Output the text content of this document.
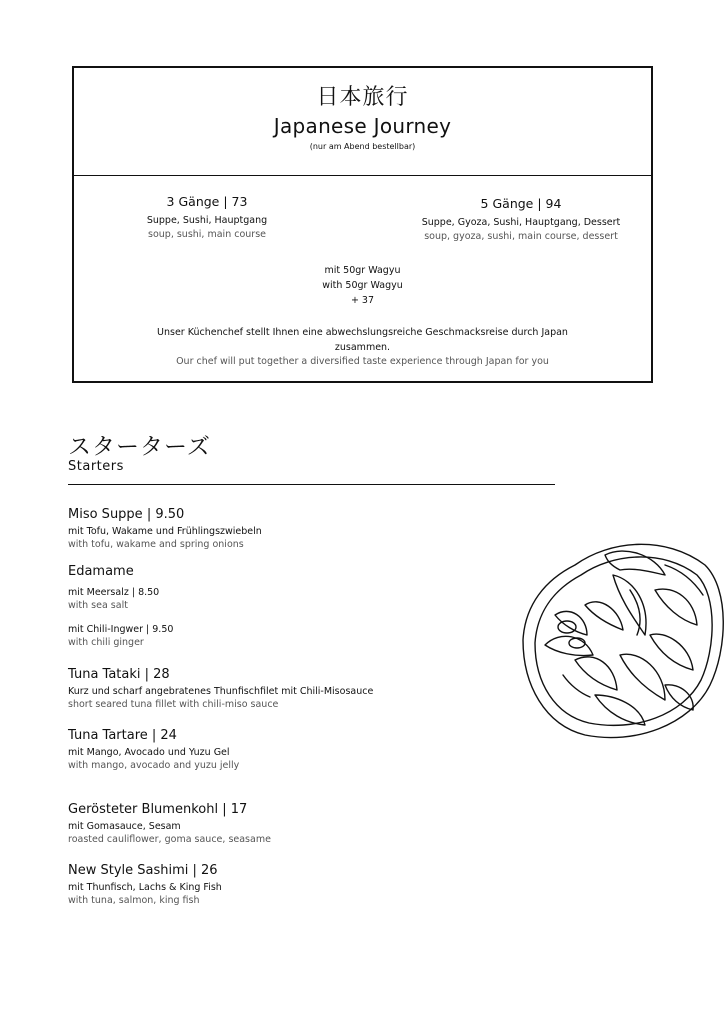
日本旅行
Japanese Journey
(nur am Abend bestellbar)
3 Gänge | 73
Suppe, Sushi, Hauptgang
soup, sushi, main course
5 Gänge | 94
Suppe, Gyoza, Sushi, Hauptgang, Dessert
soup, gyoza, sushi, main course, dessert
mit 50gr Wagyu
with 50gr Wagyu
+ 37
Unser Küchenchef stellt Ihnen eine abwechslungsreiche Geschmacksreise durch Japan zusammen.
Our chef will put together a diversified taste experience through Japan for you
スターターズ
Starters
Miso Suppe | 9.50
mit Tofu, Wakame und Frühlingszwiebeln
with tofu, wakame and spring onions
Edamame
mit Meersalz | 8.50
with sea salt
mit Chili-Ingwer | 9.50
with chili ginger
Tuna Tataki | 28
Kurz und scharf angebratenes Thunfischfilet mit Chili-Misosauce
short seared tuna fillet with chili-miso sauce
Tuna Tartare | 24
mit Mango, Avocado und Yuzu Gel
with mango, avocado and yuzu jelly
Gerösteter Blumenkohl | 17
mit Gomasauce, Sesam
roasted cauliflower, goma sauce, seasame
New Style Sashimi | 26
mit Thunfisch, Lachs & King Fish
with tuna, salmon, king fish
